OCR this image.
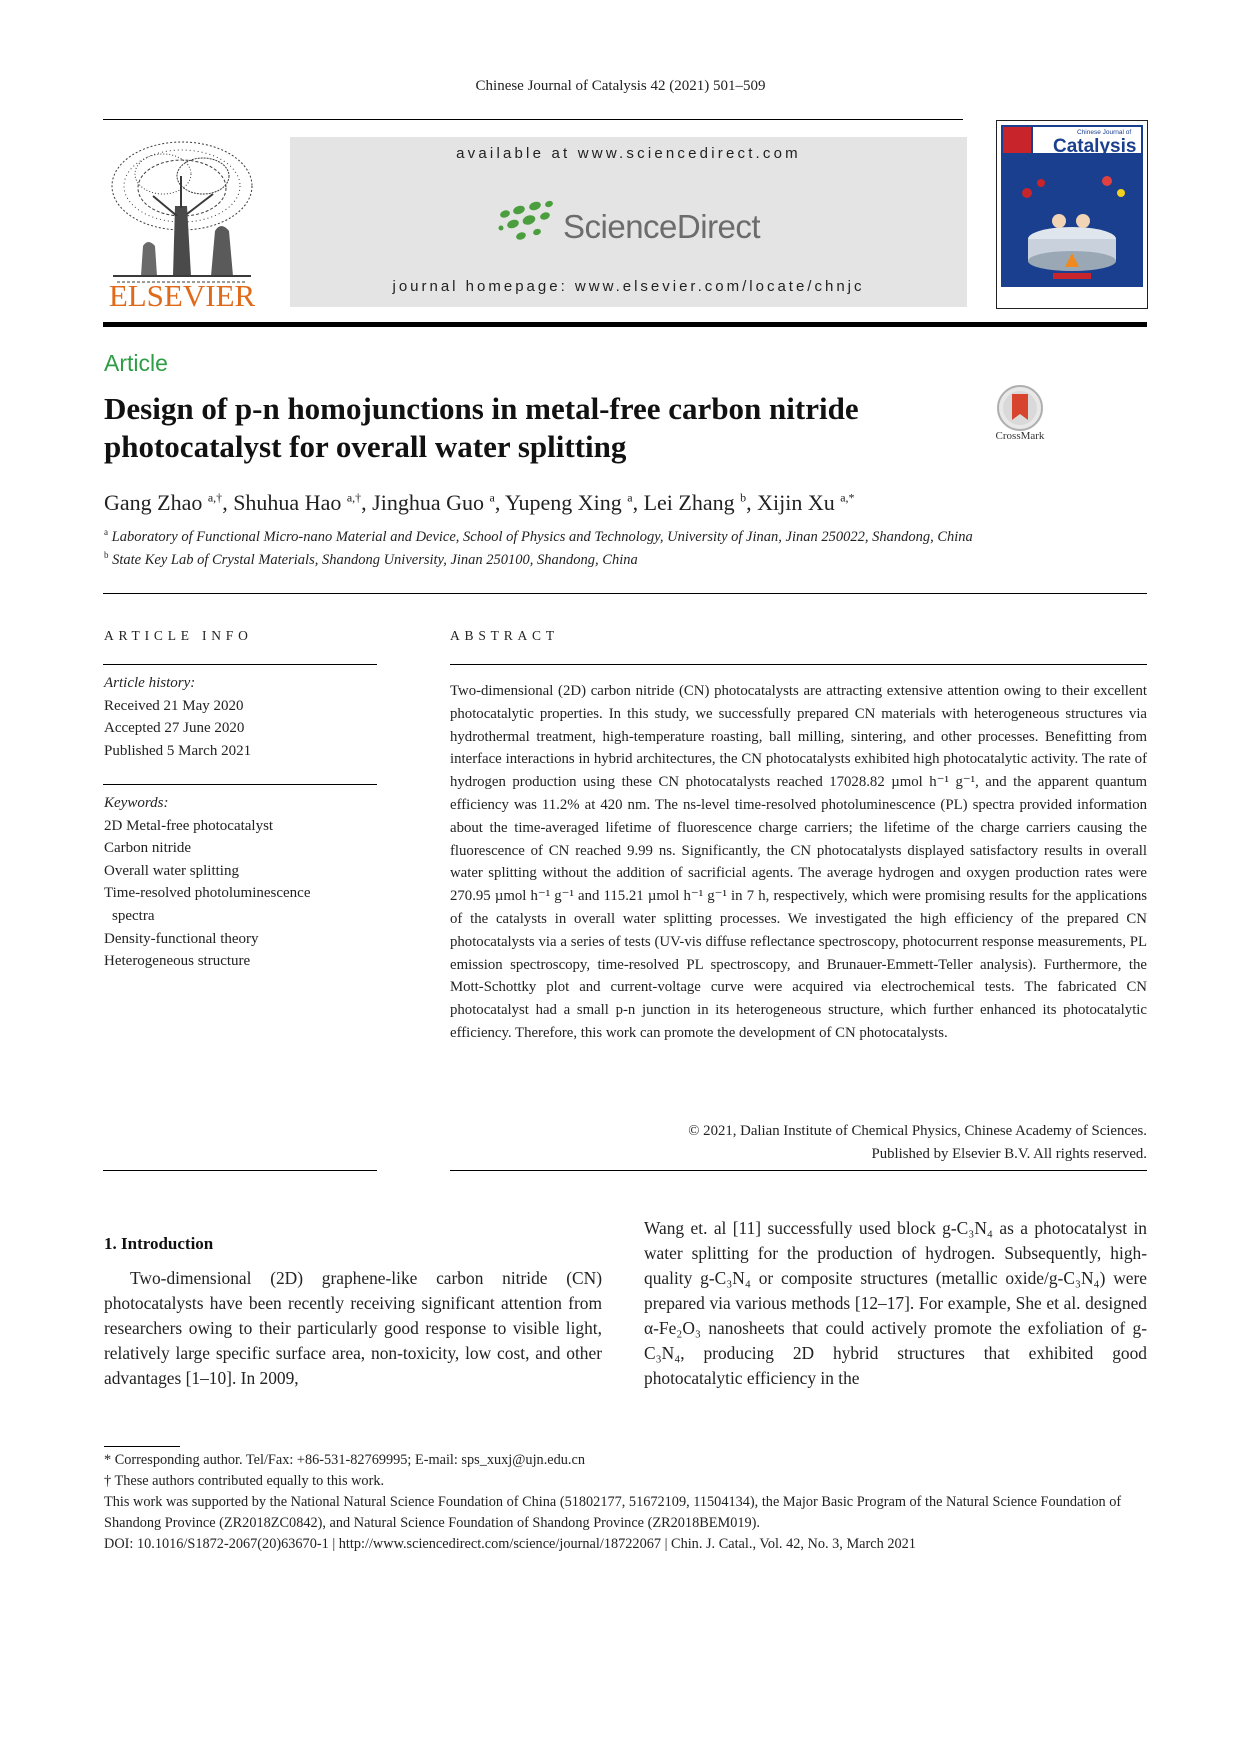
Chinese Journal of Catalysis 42 (2021) 501–509
ELSEVIER
available at www.sciencedirect.com
ScienceDirect
journal homepage: www.elsevier.com/locate/chnjc
Chinese Journal of
Catalysis
Article
Design of p-n homojunctions in metal-free carbon nitride
photocatalyst for overall water splitting	CrossMark
Gang Zhao $^{a,\dagger}$, Shuhua Hao $^{a,\dagger}$, Jinghua Guo $^a$, Yupeng Xing $^a$, Lei Zhang $^b$, Xijin Xu $^{a,*}$
$^a$ Laboratory of Functional Micro-nano Material and Device, School of Physics and Technology, University of Jinan, Jinan 250022, Shandong, China
$^b$ State Key Lab of Crystal Materials, Shandong University, Jinan 250100, Shandong, China
ARTICLE INFO
Article history:
Received 21 May 2020
Accepted 27 June 2020
Published 5 March 2021
Keywords:
2D Metal-free photocatalyst
Carbon nitride
Overall water splitting
Time-resolved photoluminescence
spectra
Density-functional theory
Heterogeneous structure
ABSTRACT
Two-dimensional (2D) carbon nitride (CN) photocatalysts are attracting extensive attention owing to their excellent photocatalytic properties. In this study, we successfully prepared CN materials with heterogeneous structures via hydrothermal treatment, high-temperature roasting, ball milling, sintering, and other processes. Benefitting from interface interactions in hybrid architectures, the CN photocatalysts exhibited high photocatalytic activity. The rate of hydrogen production using these CN photocatalysts reached 17028.82 µmol h⁻¹ g⁻¹, and the apparent quantum efficiency was 11.2% at 420 nm. The ns-level time-resolved photoluminescence (PL) spectra provided information about the time-averaged lifetime of fluorescence charge carriers; the lifetime of the charge carriers causing the fluorescence of CN reached 9.99 ns. Significantly, the CN photocatalysts displayed satisfactory results in overall water splitting without the addition of sacrificial agents. The average hydrogen and oxygen production rates were 270.95 µmol h⁻¹ g⁻¹ and 115.21 µmol h⁻¹ g⁻¹ in 7 h, respectively, which were promising results for the applications of the catalysts in overall water splitting processes. We investigated the high efficiency of the prepared CN photocatalysts via a series of tests (UV-vis diffuse reflectance spectroscopy, photocurrent response measurements, PL emission spectroscopy, time-resolved PL spectroscopy, and Brunauer-Emmett-Teller analysis). Furthermore, the Mott-Schottky plot and current-voltage curve were acquired via electrochemical tests. The fabricated CN photocatalyst had a small p-n junction in its heterogeneous structure, which further enhanced its photocatalytic efficiency. Therefore, this work can promote the development of CN photocatalysts.
© 2021, Dalian Institute of Chemical Physics, Chinese Academy of Sciences.
Published by Elsevier B.V. All rights reserved.
1. Introduction
Two-dimensional (2D) graphene-like carbon nitride (CN) photocatalysts have been recently receiving significant attention from researchers owing to their particularly good response to visible light, relatively large specific surface area, non-toxicity, low cost, and other advantages [1–10]. In 2009,
Wang et. al [11] successfully used block g-C₃N₄ as a photocatalyst in water splitting for the production of hydrogen. Subsequently, high-quality g-C₃N₄ or composite structures (metallic oxide/g-C₃N₄) were prepared via various methods [12–17]. For example, She et al. designed α-Fe₂O₃ nanosheets that could actively promote the exfoliation of g-C₃N₄, producing 2D hybrid structures that exhibited good photocatalytic efficiency in the
* Corresponding author. Tel/Fax: +86-531-82769995; E-mail: sps_xuxj@ujn.edu.cn
† These authors contributed equally to this work.
This work was supported by the National Natural Science Foundation of China (51802177, 51672109, 11504134), the Major Basic Program of the Natural Science Foundation of Shandong Province (ZR2018ZC0842), and Natural Science Foundation of Shandong Province (ZR2018BEM019).
DOI: 10.1016/S1872-2067(20)63670-1 | http://www.sciencedirect.com/science/journal/18722067 | Chin. J. Catal., Vol. 42, No. 3, March 2021
